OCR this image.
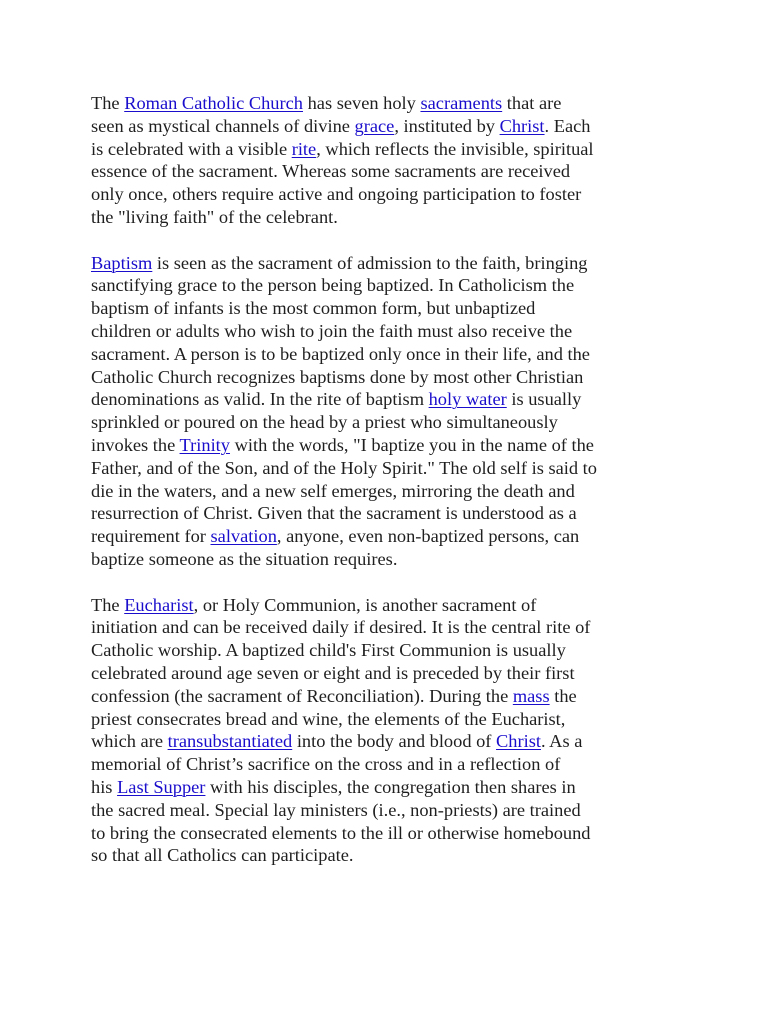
The Roman Catholic Church has seven holy sacraments that are
seen as mystical channels of divine grace, instituted by Christ. Each
is celebrated with a visible rite, which reflects the invisible, spiritual
essence of the sacrament. Whereas some sacraments are received
only once, others require active and ongoing participation to foster
the "living faith" of the celebrant.

Baptism is seen as the sacrament of admission to the faith, bringing
sanctifying grace to the person being baptized. In Catholicism the
baptism of infants is the most common form, but unbaptized
children or adults who wish to join the faith must also receive the
sacrament. A person is to be baptized only once in their life, and the
Catholic Church recognizes baptisms done by most other Christian
denominations as valid. In the rite of baptism holy water is usually
sprinkled or poured on the head by a priest who simultaneously
invokes the Trinity with the words, "I baptize you in the name of the
Father, and of the Son, and of the Holy Spirit." The old self is said to
die in the waters, and a new self emerges, mirroring the death and
resurrection of Christ. Given that the sacrament is understood as a
requirement for salvation, anyone, even non-baptized persons, can
baptize someone as the situation requires.

The Eucharist, or Holy Communion, is another sacrament of
initiation and can be received daily if desired. It is the central rite of
Catholic worship. A baptized child's First Communion is usually
celebrated around age seven or eight and is preceded by their first
confession (the sacrament of Reconciliation). During the mass the
priest consecrates bread and wine, the elements of the Eucharist,
which are transubstantiated into the body and blood of Christ. As a
memorial of Christ’s sacrifice on the cross and in a reflection of
his Last Supper with his disciples, the congregation then shares in
the sacred meal. Special lay ministers (i.e., non-priests) are trained
to bring the consecrated elements to the ill or otherwise homebound
so that all Catholics can participate.
